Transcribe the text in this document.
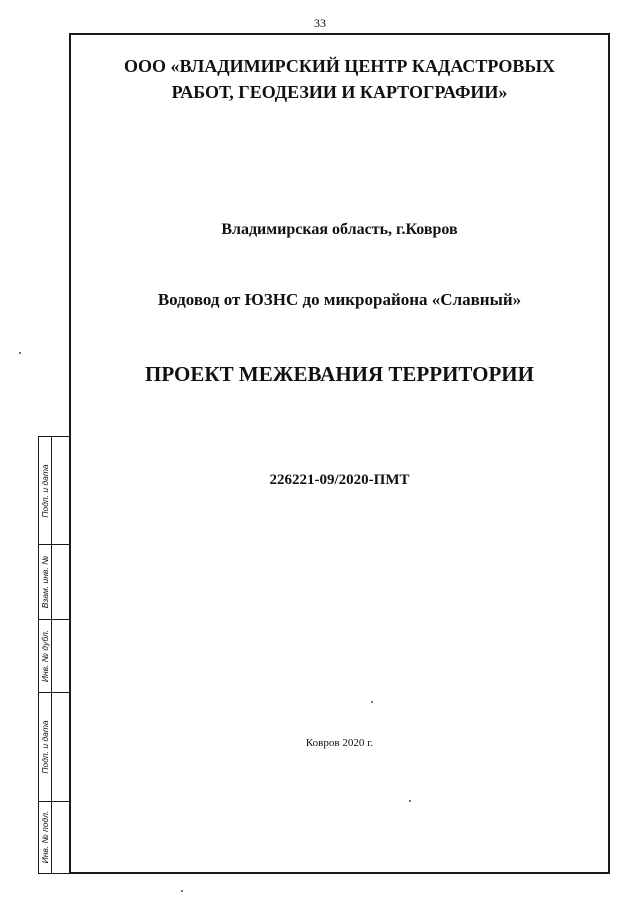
33
ООО «ВЛАДИМИРСКИЙ ЦЕНТР КАДАСТРОВЫХ
РАБОТ, ГЕОДЕЗИИ И КАРТОГРАФИИ»
Владимирская область, г.Ковров
Водовод от ЮЗНС до микрорайона «Славный»
ПРОЕКТ МЕЖЕВАНИЯ ТЕРРИТОРИИ
226221-09/2020-ПМТ
Ковров 2020 г.
Подп. и дата
Взам. инв. №
Инв. № дубл.
Подп. и дата
Инв. № подл.
